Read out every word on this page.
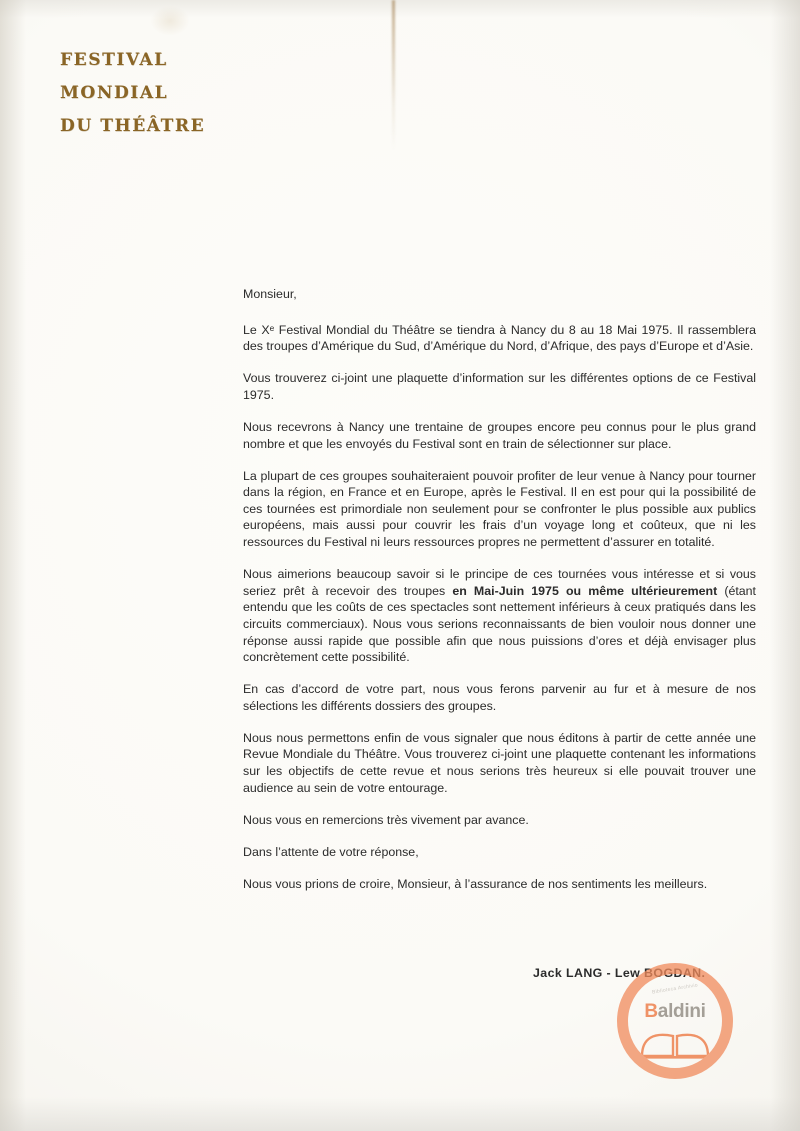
FESTIVAL
MONDIAL
DU THÉÂTRE

Monsieur,

Le Xᵉ Festival Mondial du Théâtre se tiendra à Nancy du 8 au 18 Mai 1975. Il rassemblera des troupes d’Amérique du Sud, d’Amérique du Nord, d’Afrique, des pays d’Europe et d’Asie.

Vous trouverez ci-joint une plaquette d’information sur les différentes options de ce Festival 1975.

Nous recevrons à Nancy une trentaine de groupes encore peu connus pour le plus grand nombre et que les envoyés du Festival sont en train de sélectionner sur place.

La plupart de ces groupes souhaiteraient pouvoir profiter de leur venue à Nancy pour tourner dans la région, en France et en Europe, après le Festival. Il en est pour qui la possibilité de ces tournées est primordiale non seulement pour se confronter le plus possible aux publics européens, mais aussi pour couvrir les frais d’un voyage long et coûteux, que ni les ressources du Festival ni leurs ressources propres ne permettent d’assurer en totalité.

Nous aimerions beaucoup savoir si le principe de ces tournées vous intéresse et si vous seriez prêt à recevoir des troupes en Mai-Juin 1975 ou même ultérieurement (étant entendu que les coûts de ces spectacles sont nettement inférieurs à ceux pratiqués dans les circuits commerciaux). Nous vous serions reconnaissants de bien vouloir nous donner une réponse aussi rapide que possible afin que nous puissions d’ores et déjà envisager plus concrètement cette possibilité.

En cas d’accord de votre part, nous vous ferons parvenir au fur et à mesure de nos sélections les différents dossiers des groupes.

Nous nous permettons enfin de vous signaler que nous éditons à partir de cette année une Revue Mondiale du Théâtre. Vous trouverez ci-joint une plaquette contenant les informations sur les objectifs de cette revue et nous serions très heureux si elle pouvait trouver une audience au sein de votre entourage.

Nous vous en remercions très vivement par avance.

Dans l’attente de votre réponse,

Nous vous prions de croire, Monsieur, à l’assurance de nos sentiments les meilleurs.

Jack LANG - Lew BOGDAN.
Biblioteca Archivio
Baldini
